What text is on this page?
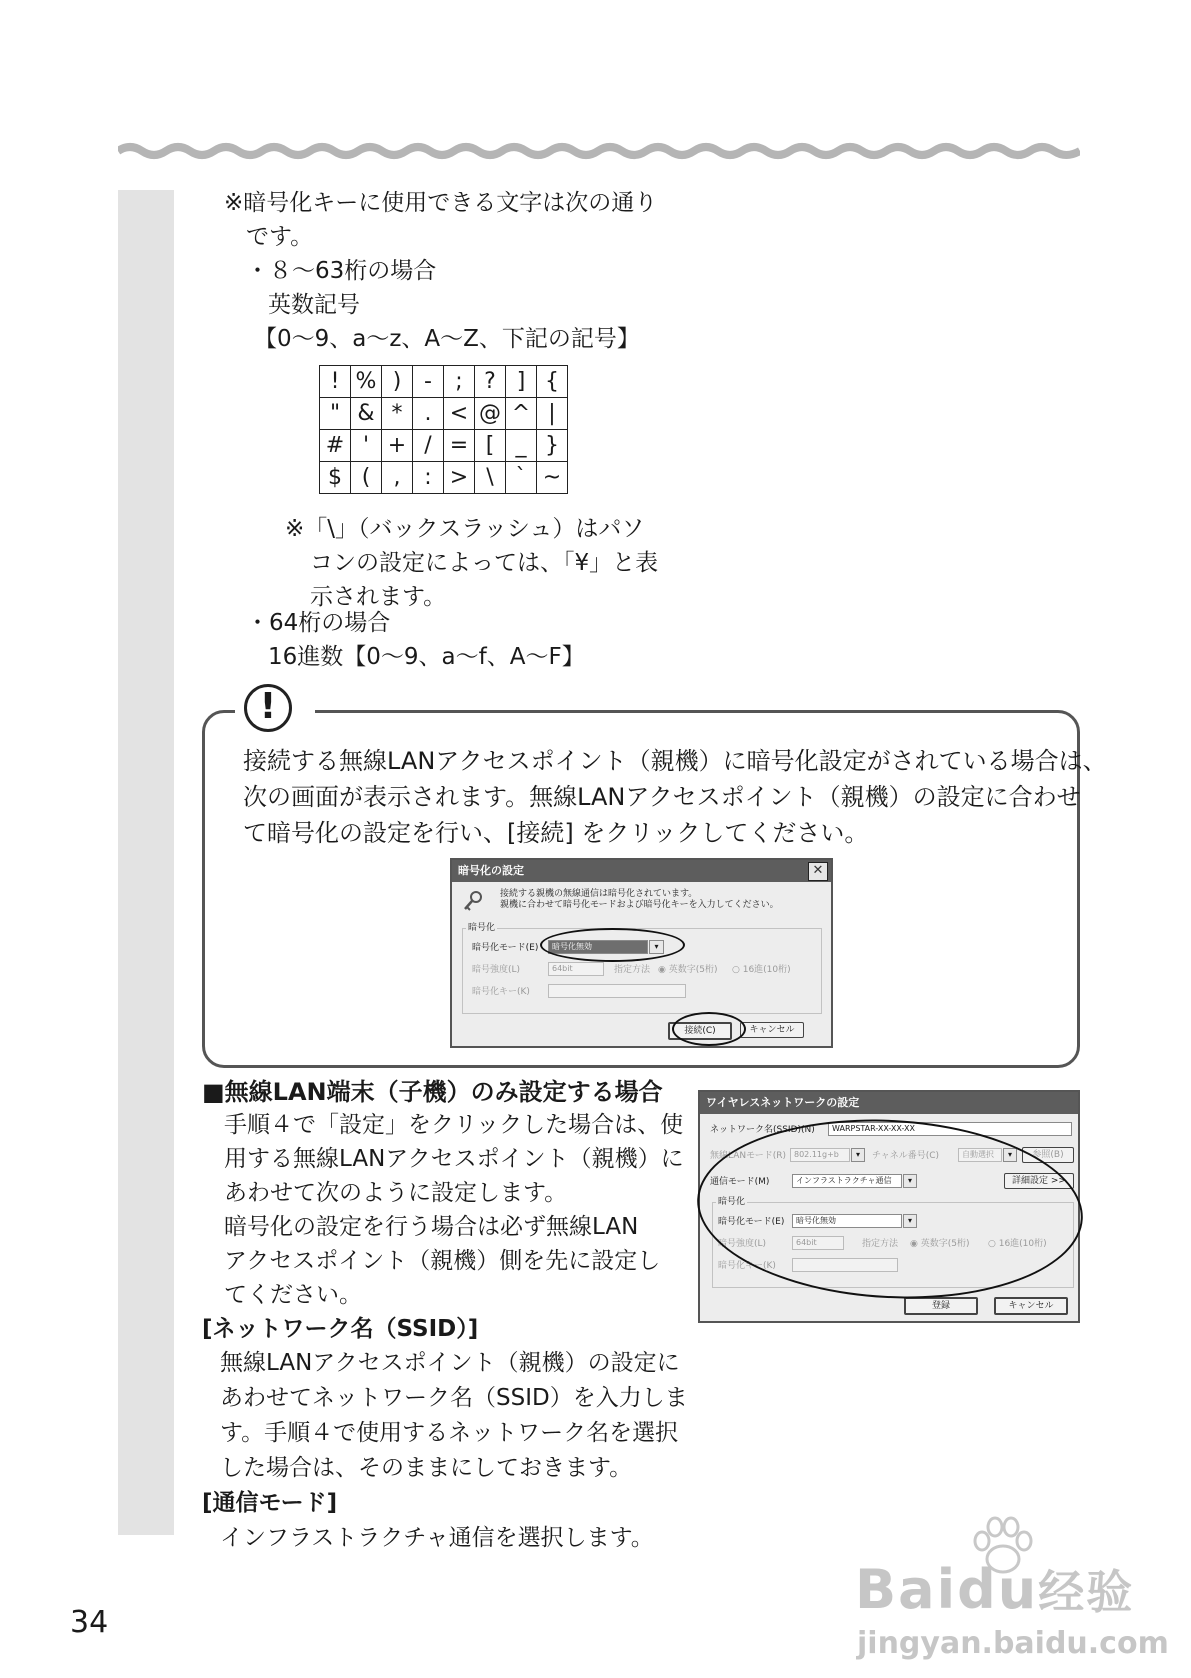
※暗号化キーに使用できる文字は次の通り
です。
・８～63桁の場合
英数記号
【0～9、a～z、A～Z、下記の記号】
!	%	)	-	;	?	]	{
"	&	*	.	<	@	^	|
#	'	+	/	=	[	_	}
$	(	,	:	>	\	`	~
※「\」（バックスラッシュ）はパソ
コンの設定によっては、「¥」と表
示されます。
・64桁の場合
16進数【0～9、a～f、A～F】
!
接続する無線LANアクセスポイント（親機）に暗号化設定がされている場合は、
次の画面が表示されます。無線LANアクセスポイント（親機）の設定に合わせ
て暗号化の設定を行い、[接続] をクリックしてください。
暗号化の設定	✕
接続する親機の無線通信は暗号化されています。
親機に合わせて暗号化モードおよび暗号化キーを入力してください。
暗号化
暗号化モード(E)	暗号化無効	▾
暗号強度(L)	64bit	指定方法 ◉ 英数字(5桁) ○ 16進(10桁)
暗号化キー(K)
接続(C)	キャンセル
■無線LAN端末（子機）のみ設定する場合
手順４で「設定」をクリックした場合は、使
用する無線LANアクセスポイント（親機）に
あわせて次のように設定します。
暗号化の設定を行う場合は必ず無線LAN
アクセスポイント（親機）側を先に設定し
てください。
[ネットワーク名（SSID）]
無線LANアクセスポイント（親機）の設定に
あわせてネットワーク名（SSID）を入力しま
す。手順４で使用するネットワーク名を選択
した場合は、そのままにしておきます。
[通信モード]
インフラストラクチャ通信を選択します。
ワイヤレスネットワークの設定
ネットワーク名(SSID)(N)	WARPSTAR-XX-XX-XX
無線LANモード(R) 802.11g+b	▾	チャネル番号(C)	自動選択	▾	参照(B)
通信モード(M)	インフラストラクチャ通信	▾	詳細設定 >>
暗号化
暗号化モード(E)	暗号化無効	▾
暗号強度(L)	64bit	指定方法 ◉ 英数字(5桁) ○ 16進(10桁)
暗号化キー(K)
登録	キャンセル
34
Baidu经验
jingyan.baidu.com
